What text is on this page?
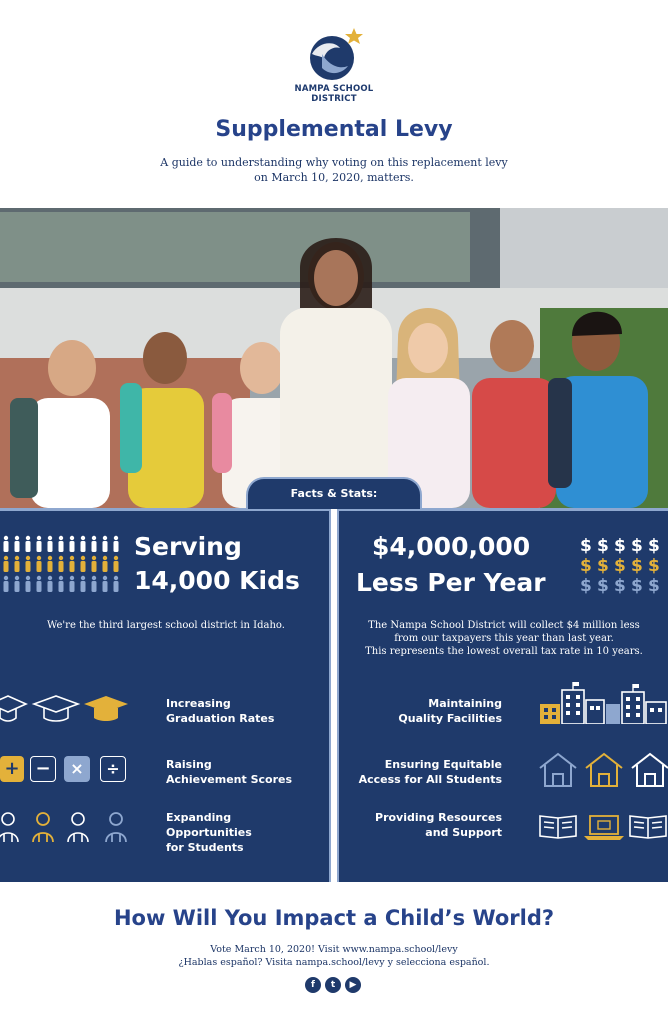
NAMPA SCHOOL
DISTRICT
Supplemental Levy
A guide to understanding why voting on this replacement levy
on March 10, 2020, matters.
Facts & Stats:
Serving
14,000 Kids
We're the third largest school district in Idaho.
Increasing
Graduation Rates
+ −	×	÷	Raising
Achievement Scores
Expanding
Opportunities
for Students
$4,000,000
Less Per Year
$ $ $ $ $
$ $ $ $ $
$ $ $ $ $
The Nampa School District will collect $4 million less
from our taxpayers this year than last year.
This represents the lowest overall tax rate in 10 years.
Maintaining
Quality Facilities
Ensuring Equitable
Access for All Students
Providing Resources
and Support
How Will You Impact a Child’s World?
Vote March 10, 2020! Visit www.nampa.school/levy
¿Hablas español? Visita nampa.school/levy y selecciona español.
f	t	▶
